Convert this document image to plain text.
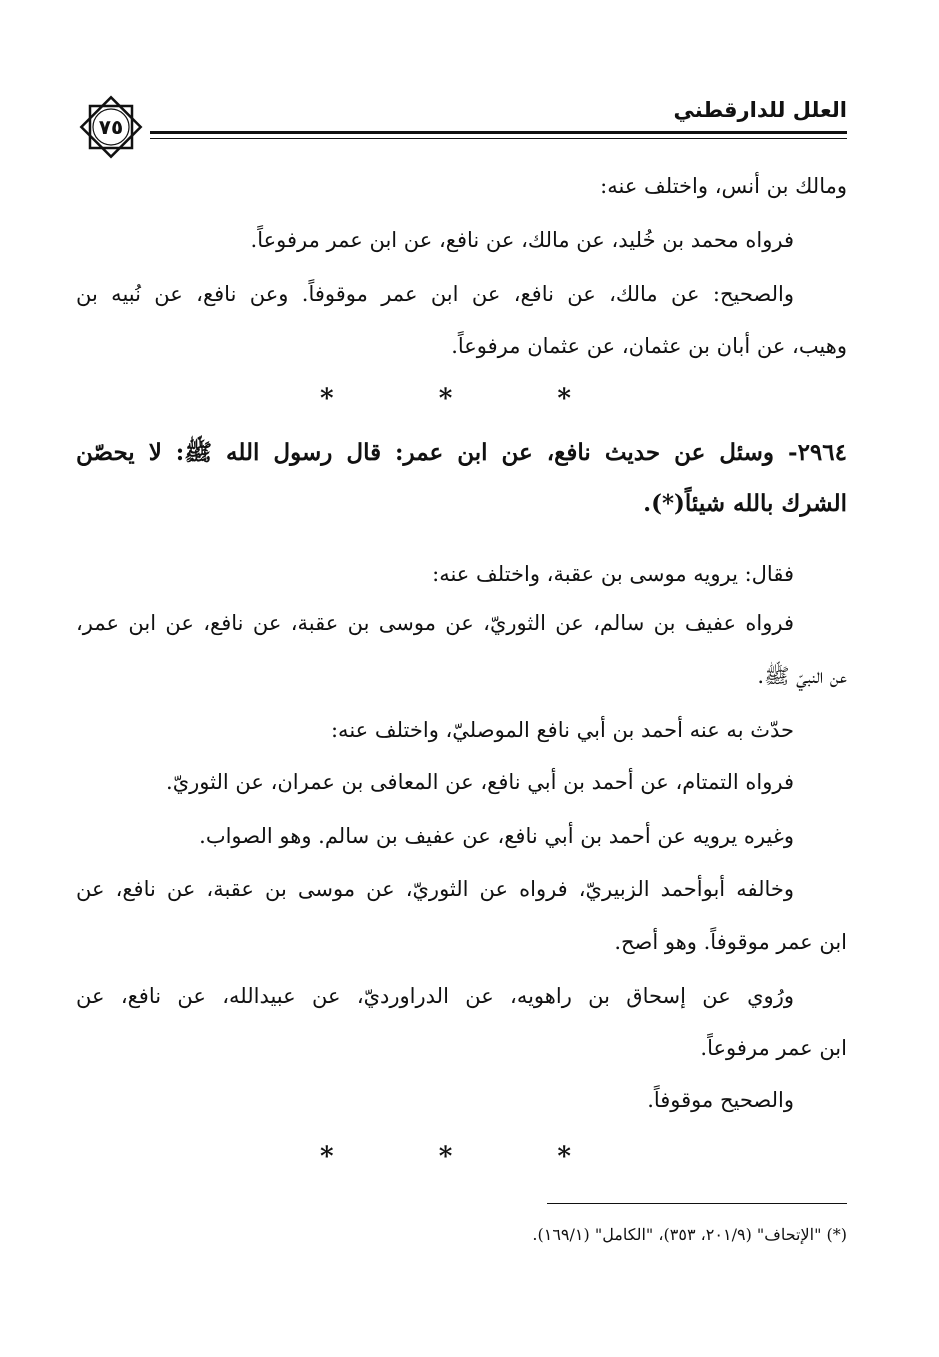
العلل للدارقطني
٧٥

ومالك بن أنس، واختلف عنه:

فرواه محمد بن خُليد، عن مالك، عن نافع، عن ابن عمر مرفوعاً.

والصحيح: عن مالك، عن نافع، عن ابن عمر موقوفاً. وعن نافع، عن نُبيه بن

وهيب، عن أبان بن عثمان، عن عثمان مرفوعاً.

* * *

٢٩٦٤- وسئل عن حديث نافع، عن ابن عمر: قال رسول الله ﷺ: لا يحصّن

الشرك بالله شيئاً(*).

فقال: يرويه موسى بن عقبة، واختلف عنه:

فرواه عفيف بن سالم، عن الثوريّ، عن موسى بن عقبة، عن نافع، عن ابن عمر،

عن النبيّ ﷺ.

حدّث به عنه أحمد بن أبي نافع الموصليّ، واختلف عنه:

فرواه التمتام، عن أحمد بن أبي نافع، عن المعافى بن عمران، عن الثوريّ.

وغيره يرويه عن أحمد بن أبي نافع، عن عفيف بن سالم. وهو الصواب.

وخالفه أبوأحمد الزبيريّ، فرواه عن الثوريّ، عن موسى بن عقبة، عن نافع، عن

ابن عمر موقوفاً. وهو أصح.

ورُوي عن إسحاق بن راهويه، عن الدراورديّ، عن عبيدالله، عن نافع، عن

ابن عمر مرفوعاً.

والصحيح موقوفاً.

* * *

(*) "الإتحاف" (٢٠١/٩، ٣٥٣)، "الكامل" (١٦٩/١).
